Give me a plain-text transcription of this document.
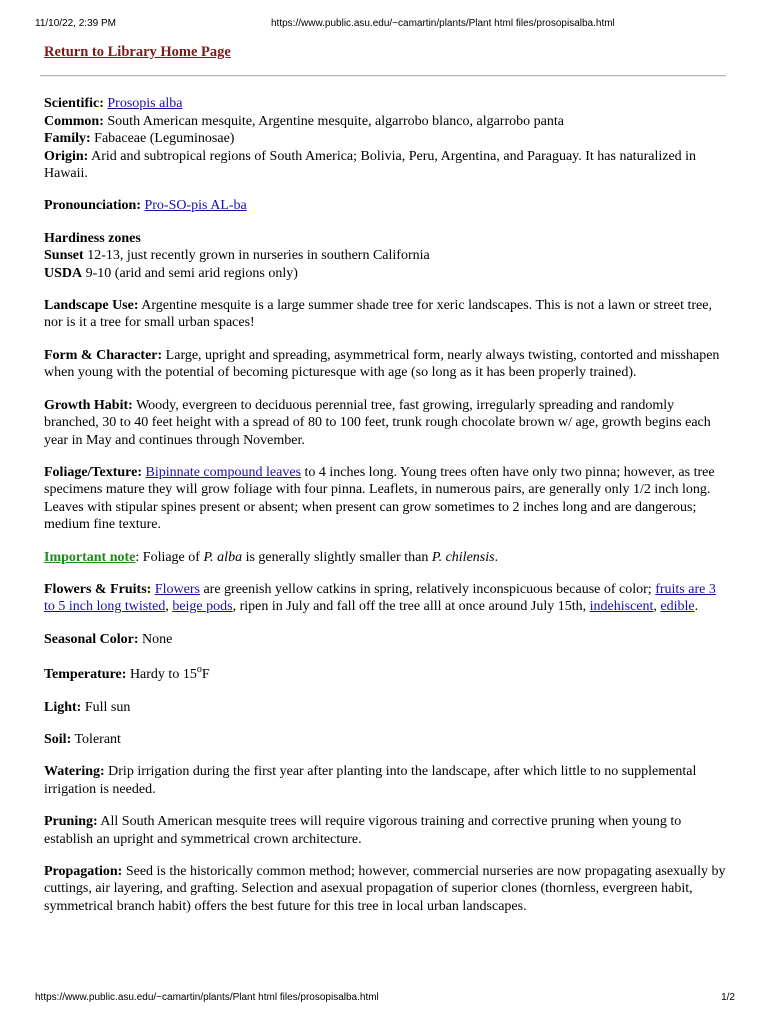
11/10/22, 2:39 PM	https://www.public.asu.edu/~camartin/plants/Plant html files/prosopisalba.html
Return to Library Home Page

Scientific: Prosopis alba

Common: South American mesquite, Argentine mesquite, algarrobo blanco, algarrobo panta

Family: Fabaceae (Leguminosae)

Origin: Arid and subtropical regions of South America; Bolivia, Peru, Argentina, and Paraguay. It has naturalized in Hawaii.

Pronounciation: Pro-SO-pis AL-ba

Hardiness zones

Sunset 12-13, just recently grown in nurseries in southern California

USDA 9-10 (arid and semi arid regions only)

Landscape Use: Argentine mesquite is a large summer shade tree for xeric landscapes. This is not a lawn or street tree, nor is it a tree for small urban spaces!

Form & Character: Large, upright and spreading, asymmetrical form, nearly always twisting, contorted and misshapen when young with the potential of becoming picturesque with age (so long as it has been properly trained).

Growth Habit: Woody, evergreen to deciduous perennial tree, fast growing, irregularly spreading and randomly branched, 30 to 40 feet height with a spread of 80 to 100 feet, trunk rough chocolate brown w/ age, growth begins each year in May and continues through November.

Foliage/Texture: Bipinnate compound leaves to 4 inches long. Young trees often have only two pinna; however, as tree specimens mature they will grow foliage with four pinna. Leaflets, in numerous pairs, are generally only 1/2 inch long. Leaves with stipular spines present or absent; when present can grow sometimes to 2 inches long and are dangerous; medium fine texture.

Important note: Foliage of P. alba is generally slightly smaller than P. chilensis.

Flowers & Fruits: Flowers are greenish yellow catkins in spring, relatively inconspicuous because of color; fruits are 3 to 5 inch long twisted, beige pods, ripen in July and fall off the tree alll at once around July 15th, indehiscent, edible.

Seasonal Color: None

Temperature: Hardy to 15$^o$F

Light: Full sun

Soil: Tolerant

Watering: Drip irrigation during the first year after planting into the landscape, after which little to no supplemental irrigation is needed.

Pruning: All South American mesquite trees will require vigorous training and corrective pruning when young to establish an upright and symmetrical crown architecture.

Propagation: Seed is the historically common method; however, commercial nurseries are now propagating asexually by cuttings, air layering, and grafting. Selection and asexual propagation of superior clones (thornless, evergreen habit, symmetrical branch habit) offers the best future for this tree in local urban landscapes.

https://www.public.asu.edu/~camartin/plants/Plant html files/prosopisalba.html	1/2
